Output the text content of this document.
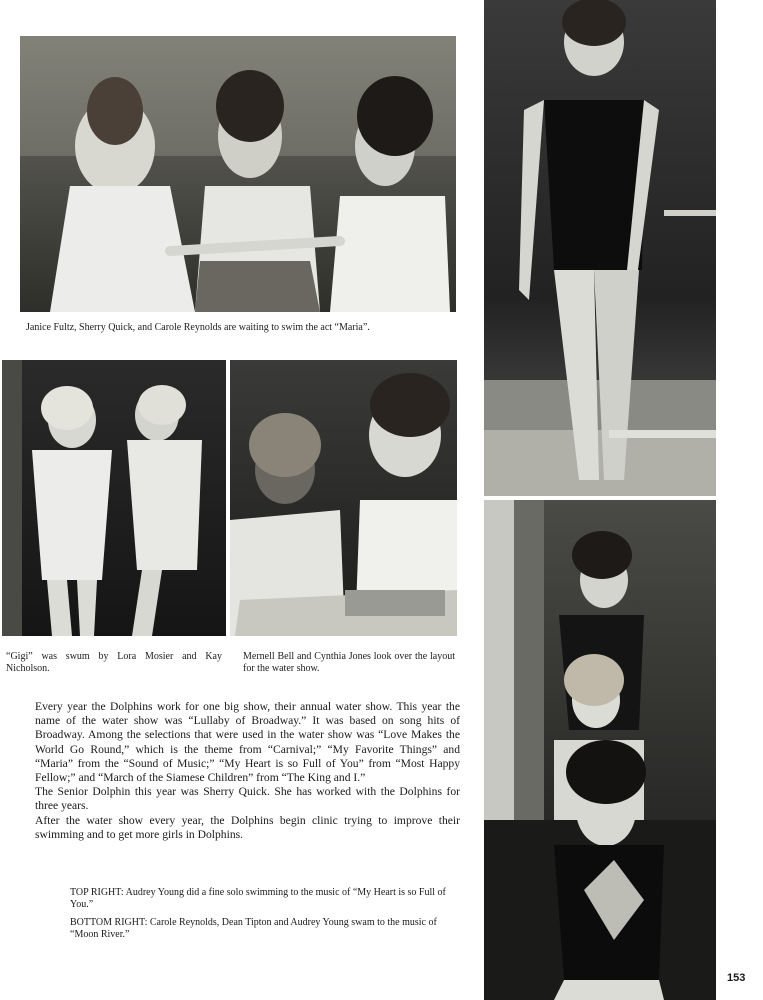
Janice Fultz, Sherry Quick, and Carole Reynolds are waiting to swim the act “Maria”.
“Gigi” was swum by Lora Mosier and Kay Nicholson.
Mernell Bell and Cynthia Jones look over the layout for the water show.

Every year the Dolphins work for one big show, their annual water show. This year the name of the water show was “Lullaby of Broadway.” It was based on song hits of Broadway. Among the selections that were used in the water show was “Love Makes the World Go Round,” which is the theme from “Carnival;” “My Favorite Things” and “Maria” from the “Sound of Music;” “My Heart is so Full of You” from “Most Happy Fellow;” and “March of the Siamese Children” from “The King and I.”

The Senior Dolphin this year was Sherry Quick. She has worked with the Dolphins for three years.

After the water show every year, the Dolphins begin clinic trying to improve their swimming and to get more girls in Dolphins.

TOP RIGHT: Audrey Young did a fine solo swimming to the music of “My Heart is so Full of You.”
BOTTOM RIGHT: Carole Reynolds, Dean Tipton and Audrey Young swam to the music of “Moon River.”
153
